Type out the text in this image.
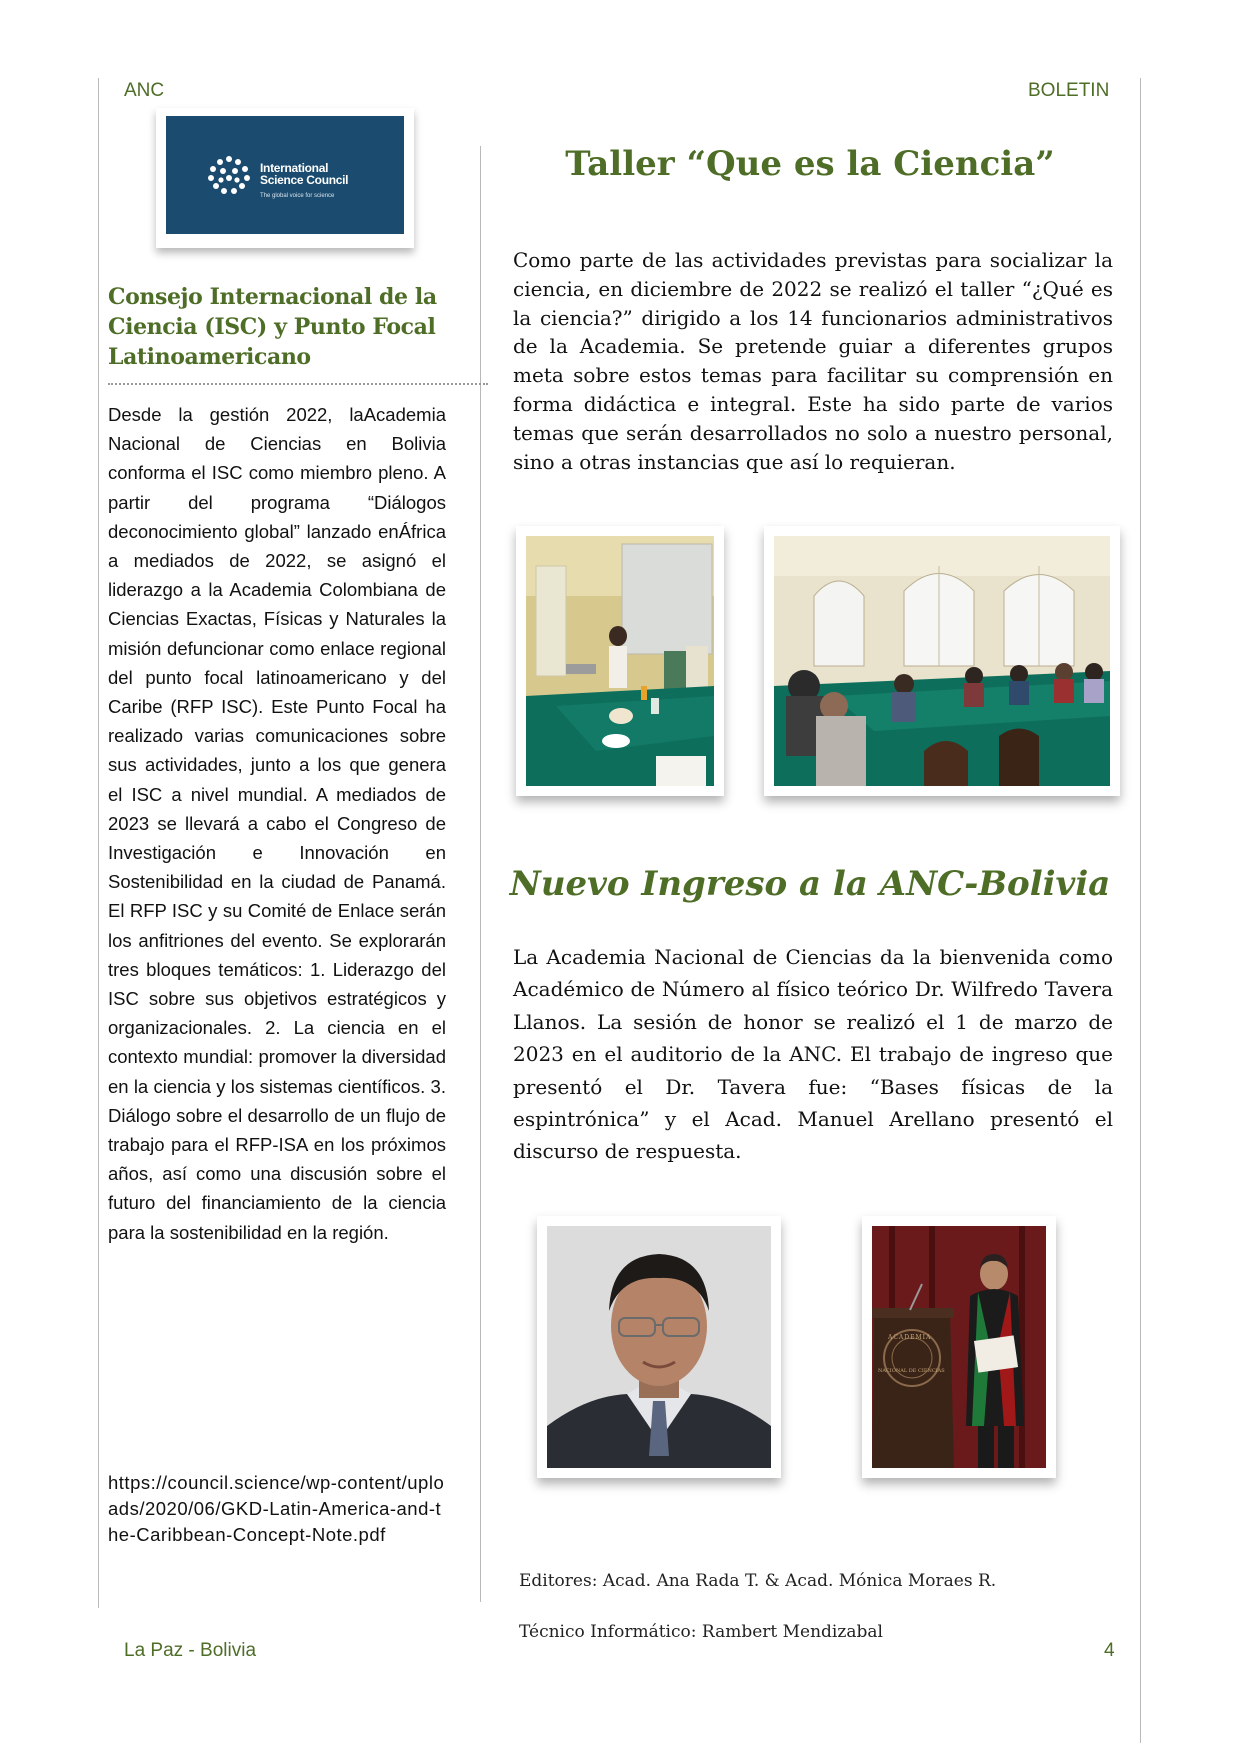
ANC	BOLETIN
International
Science Council
The global voice for science
Consejo Internacional de la Ciencia (ISC) y Punto Focal Latinoamericano

Desde la gestión 2022, laAcademia Nacional de Ciencias en Bolivia conforma el ISC como miembro pleno. A partir del programa “Diálogos deconocimiento global” lanzado enÁfrica a mediados de 2022, se asignó el liderazgo a la Academia Colombiana de Ciencias Exactas, Físicas y Naturales la misión defuncionar como enlace regional del punto focal latinoamericano y del Caribe (RFP ISC). Este Punto Focal ha realizado varias comunicaciones sobre sus actividades, junto a los que genera el ISC a nivel mundial. A mediados de 2023 se llevará a cabo el Congreso de Investigación e Innovación en Sostenibilidad en la ciudad de Panamá. El RFP ISC y su Comité de Enlace serán los anfitriones del evento. Se explorarán tres bloques temáticos: 1. Liderazgo del ISC sobre sus objetivos estratégicos y organizacionales. 2. La ciencia en el contexto mundial: promover la diversidad en la ciencia y los sistemas científicos. 3. Diálogo sobre el desarrollo de un flujo de trabajo para el RFP-ISA en los próximos años, así como una discusión sobre el futuro del financiamiento de la ciencia para la sostenibilidad en la región.

https://council.science/wp-content/uploads/2020/06/GKD-Latin-America-and-the-Caribbean-Concept-Note.pdf

Taller “Que es la Ciencia”

Como parte de las actividades previstas para socializar la ciencia, en diciembre de 2022 se realizó el taller “¿Qué es la ciencia?” dirigido a los 14 funcionarios administrativos de la Academia. Se pretende guiar a diferentes grupos meta sobre estos temas para facilitar su comprensión en forma didáctica e integral. Este ha sido parte de varios temas que serán desarrollados no solo a nuestro personal, sino a otras instancias que así lo requieran.

Nuevo Ingreso a la ANC-Bolivia

La Academia Nacional de Ciencias da la bienvenida como Académico de Número al físico teórico Dr. Wilfredo Tavera Llanos. La sesión de honor se realizó el 1 de marzo de 2023 en el auditorio de la ANC. El trabajo de ingreso que presentó el Dr. Tavera fue: “Bases físicas de la espintrónica” y el Acad. Manuel Arellano presentó el discurso de respuesta.

ACADEMIA
NACIONAL DE CIENCIAS

Editores: Acad. Ana Rada T. & Acad. Mónica Moraes R.

Técnico Informático: Rambert Mendizabal

La Paz - Bolivia	4
